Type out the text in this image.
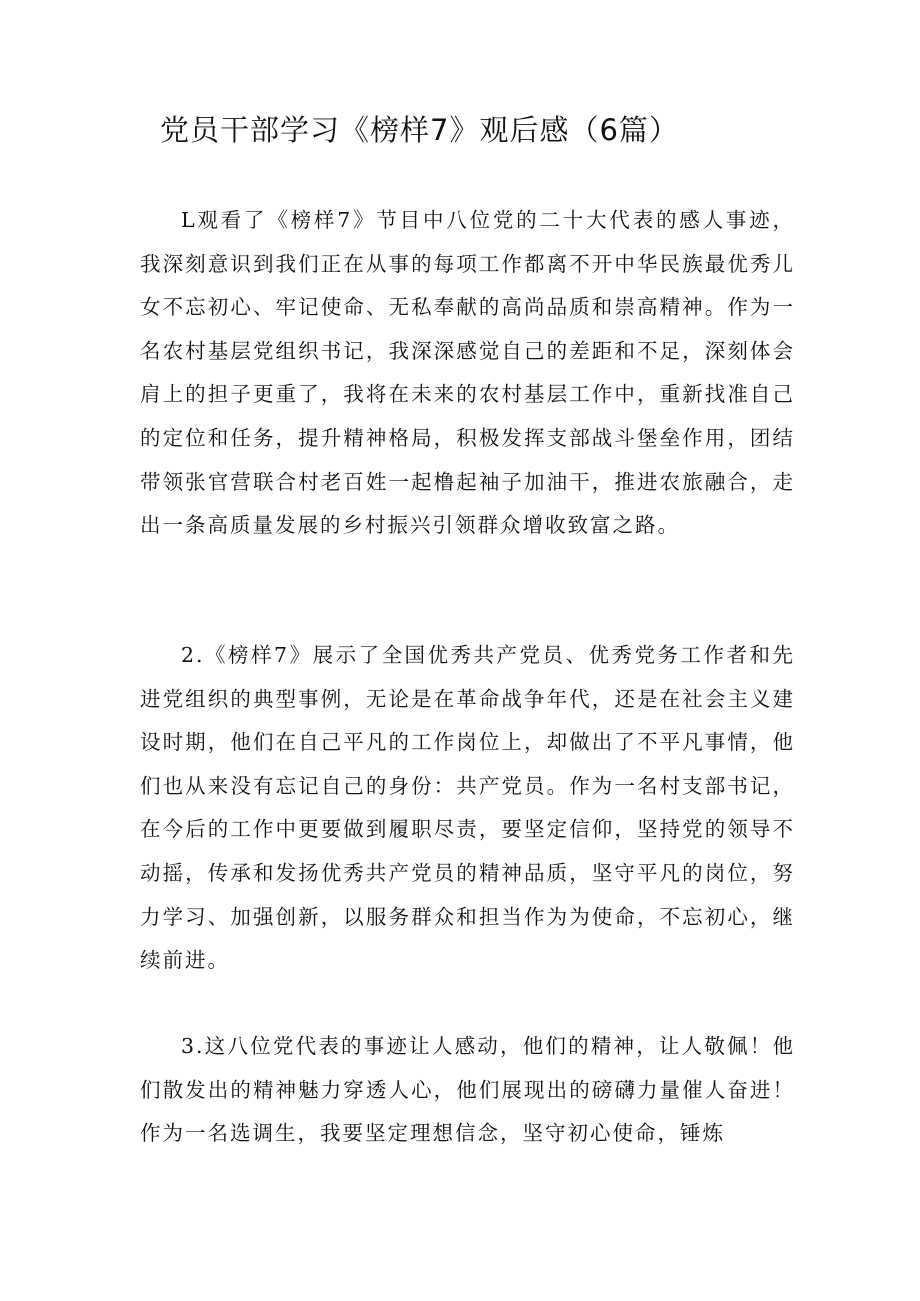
党员干部学习《榜样7》观后感（6篇）

L观看了《榜样7》节目中八位党的二十大代表的感人事迹，我深刻意识到我们正在从事的每项工作都离不开中华民族最优秀儿女不忘初心、牢记使命、无私奉献的高尚品质和崇高精神。作为一名农村基层党组织书记，我深深感觉自己的差距和不足，深刻体会肩上的担子更重了，我将在未来的农村基层工作中，重新找准自己的定位和任务，提升精神格局，积极发挥支部战斗堡垒作用，团结带领张官营联合村老百姓一起橹起袖子加油干，推进农旅融合，走出一条高质量发展的乡村振兴引领群众增收致富之路。

2.《榜样7》展示了全国优秀共产党员、优秀党务工作者和先进党组织的典型事例，无论是在革命战争年代，还是在社会主义建设时期，他们在自己平凡的工作岗位上，却做出了不平凡事情，他们也从来没有忘记自己的身份：共产党员。作为一名村支部书记，在今后的工作中更要做到履职尽责，要坚定信仰，坚持党的领导不动摇，传承和发扬优秀共产党员的精神品质，坚守平凡的岗位，努力学习、加强创新，以服务群众和担当作为为使命，不忘初心，继续前进。

3.这八位党代表的事迹让人感动，他们的精神，让人敬佩！他们散发出的精神魅力穿透人心，他们展现出的磅礴力量催人奋进！作为一名选调生，我要坚定理想信念，坚守初心使命，锤炼
